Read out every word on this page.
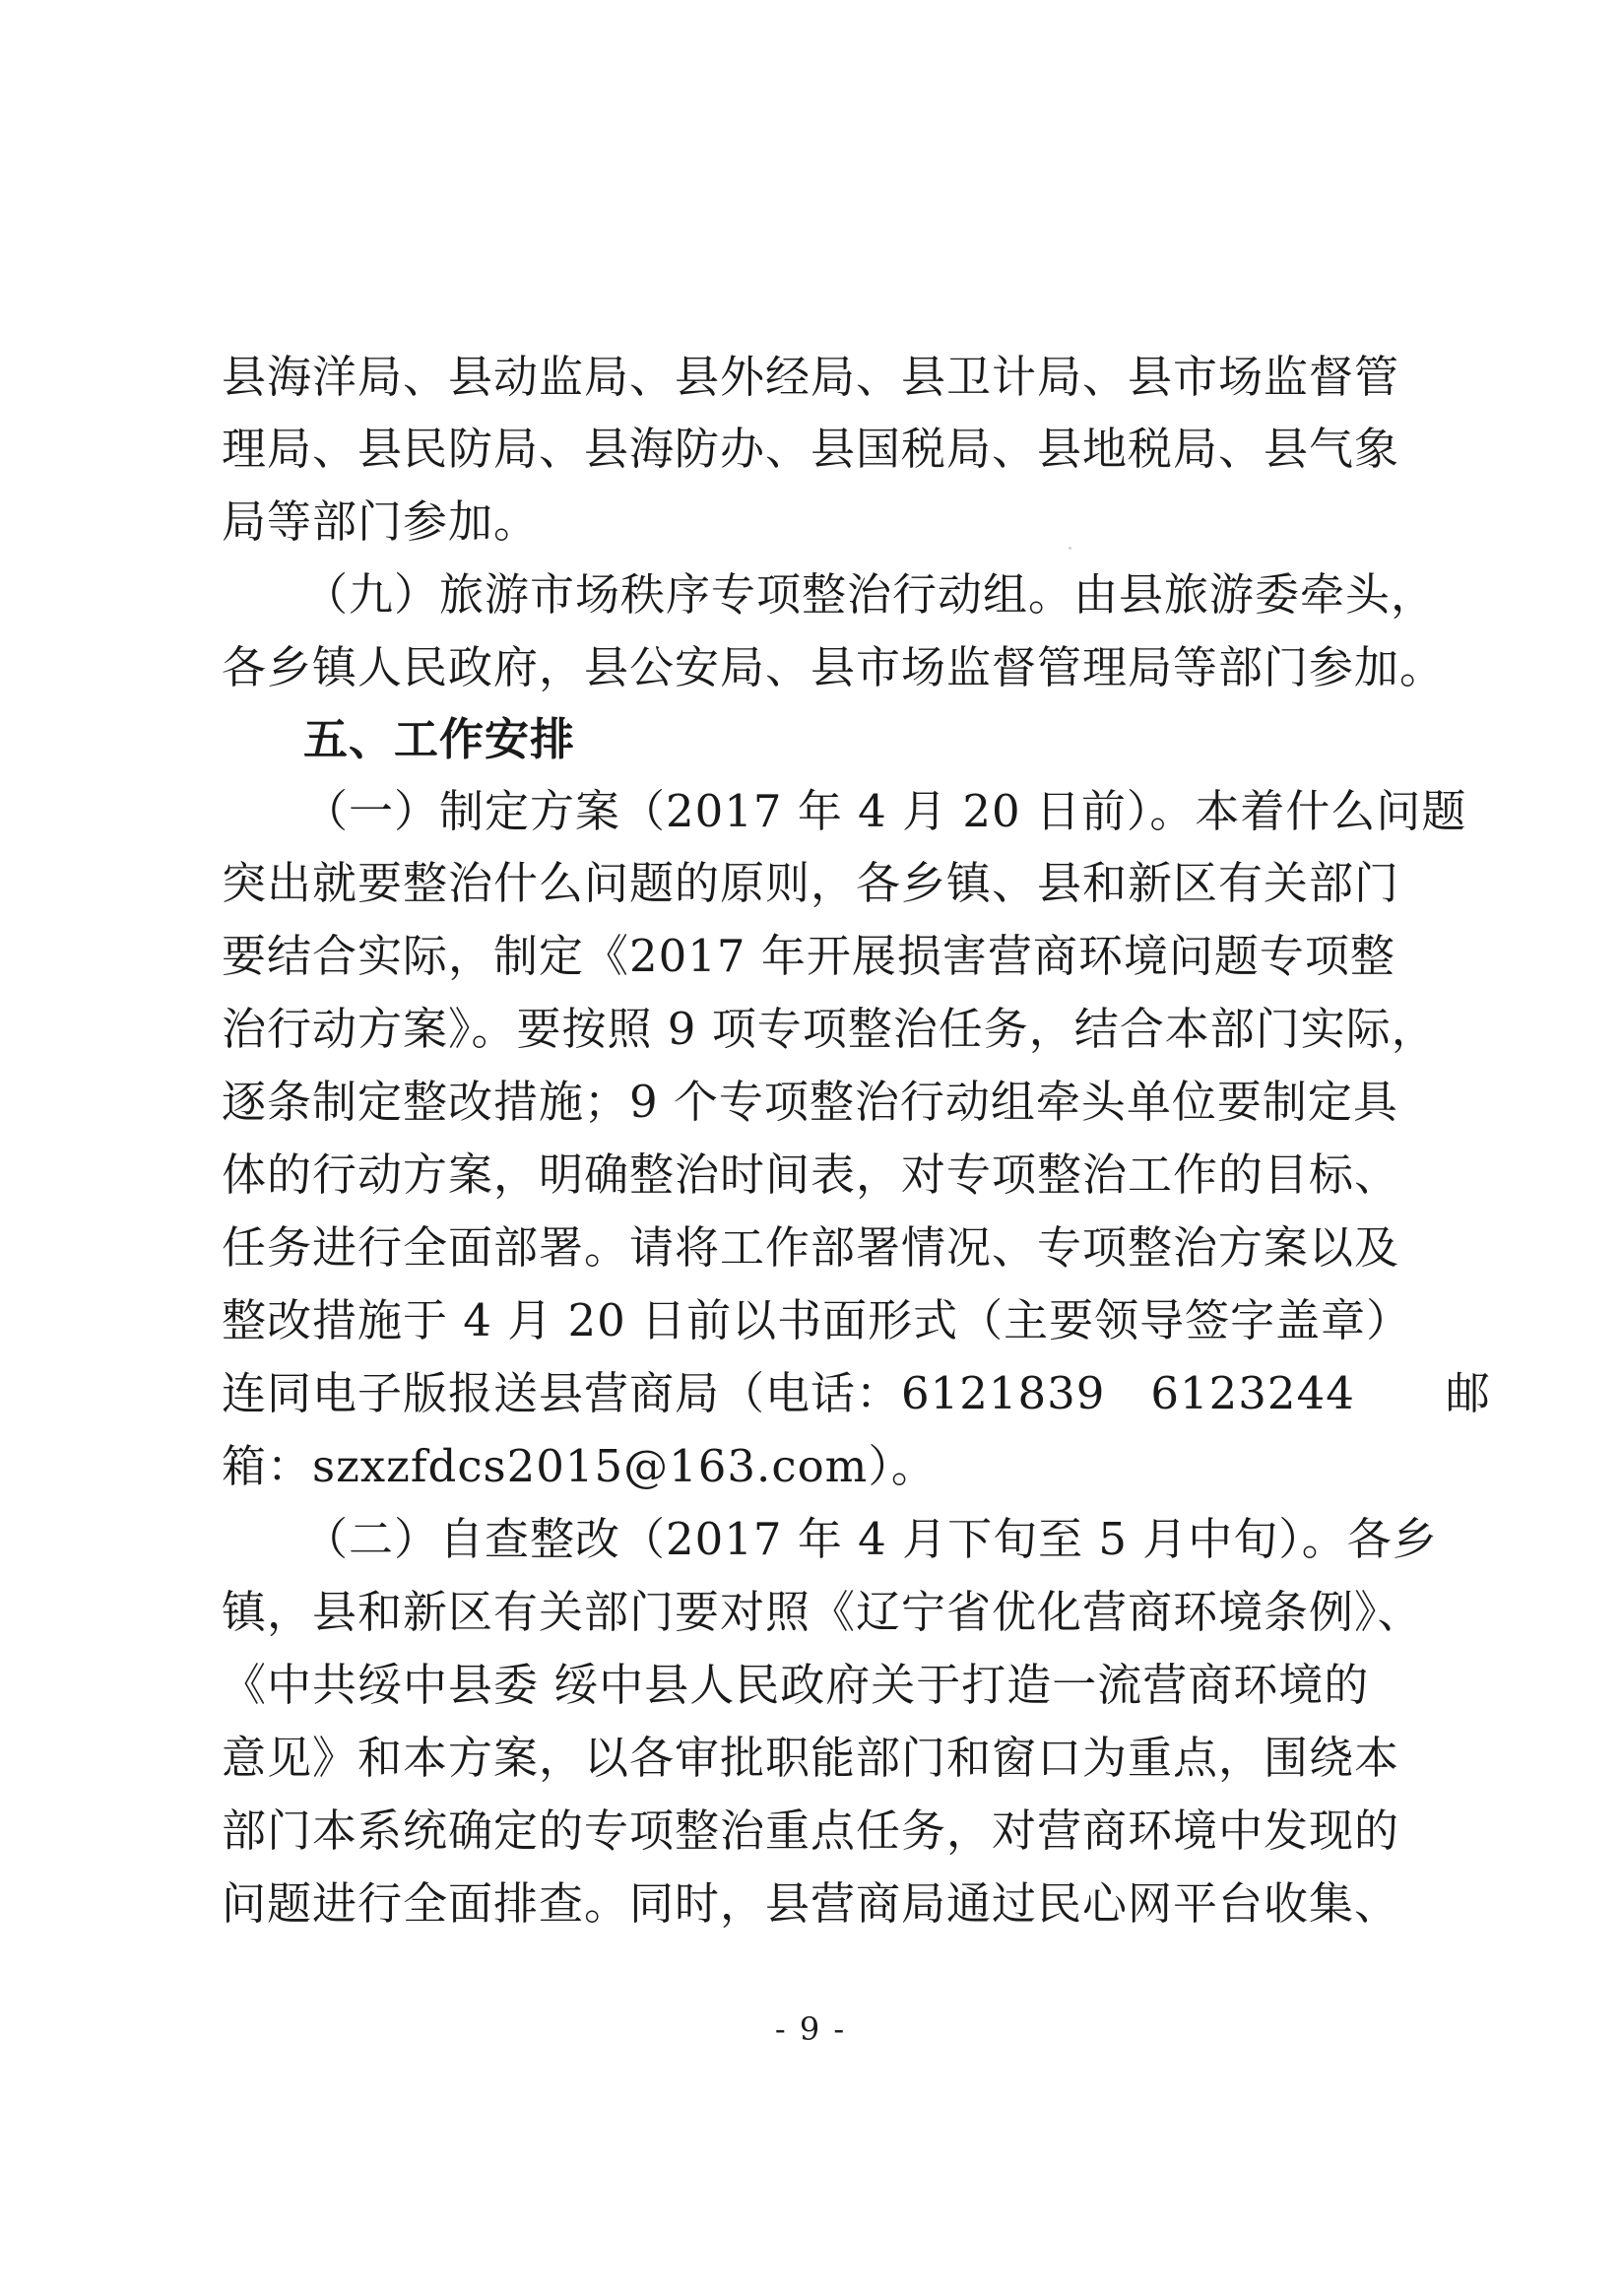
县海洋局、县动监局、县外经局、县卫计局、县市场监督管
理局、县民防局、县海防办、县国税局、县地税局、县气象
局等部门参加。
（九）旅游市场秩序专项整治行动组。由县旅游委牵头，
各乡镇人民政府，县公安局、县市场监督管理局等部门参加。
五、工作安排
（一）制定方案（2017 年 4 月 20 日前）。本着什么问题
突出就要整治什么问题的原则，各乡镇、县和新区有关部门
要结合实际，制定《2017 年开展损害营商环境问题专项整
治行动方案》。要按照 9 项专项整治任务，结合本部门实际，
逐条制定整改措施；9 个专项整治行动组牵头单位要制定具
体的行动方案，明确整治时间表，对专项整治工作的目标、
任务进行全面部署。请将工作部署情况、专项整治方案以及
整改措施于 4 月 20 日前以书面形式（主要领导签字盖章）
连同电子版报送县营商局（电话：6121839　6123244　　邮
箱：szxzfdcs2015@163.com）。
（二）自查整改（2017 年 4 月下旬至 5 月中旬）。各乡
镇，县和新区有关部门要对照《辽宁省优化营商环境条例》、
《中共绥中县委 绥中县人民政府关于打造一流营商环境的
意见》和本方案，以各审批职能部门和窗口为重点，围绕本
部门本系统确定的专项整治重点任务，对营商环境中发现的
问题进行全面排查。同时，县营商局通过民心网平台收集、
- 9 -
